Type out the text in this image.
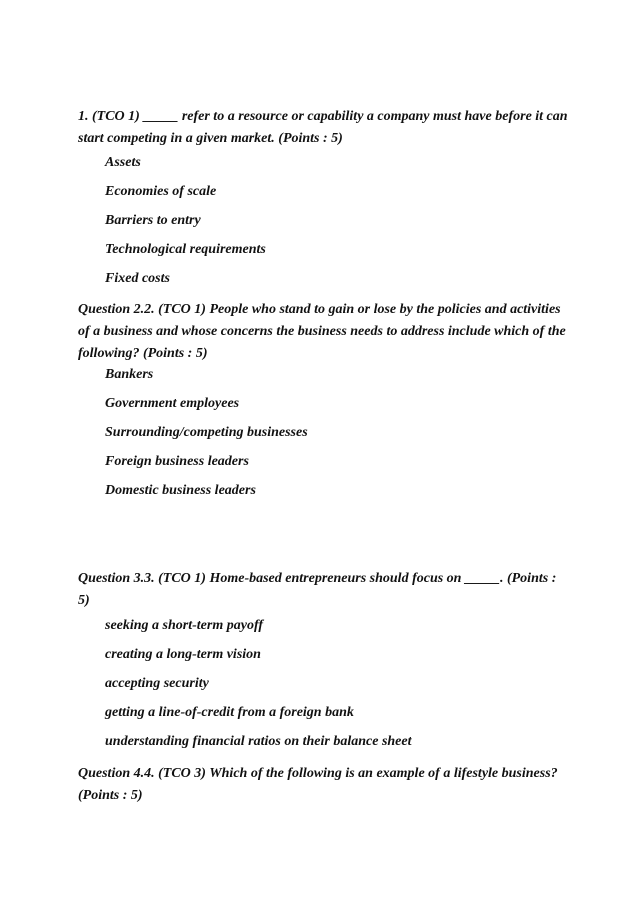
1. (TCO 1) _____ refer to a resource or capability a company must have before it can start competing in a given market. (Points : 5)

Assets

Economies of scale

Barriers to entry

Technological requirements

Fixed costs

Question 2.2. (TCO 1) People who stand to gain or lose by the policies and activities of a business and whose concerns the business needs to address include which of the following? (Points : 5)

Bankers

Government employees

Surrounding/competing businesses

Foreign business leaders

Domestic business leaders

Question 3.3. (TCO 1) Home-based entrepreneurs should focus on _____. (Points : 5)

seeking a short-term payoff

creating a long-term vision

accepting security

getting a line-of-credit from a foreign bank

understanding financial ratios on their balance sheet

Question 4.4. (TCO 3) Which of the following is an example of a lifestyle business? (Points : 5)
